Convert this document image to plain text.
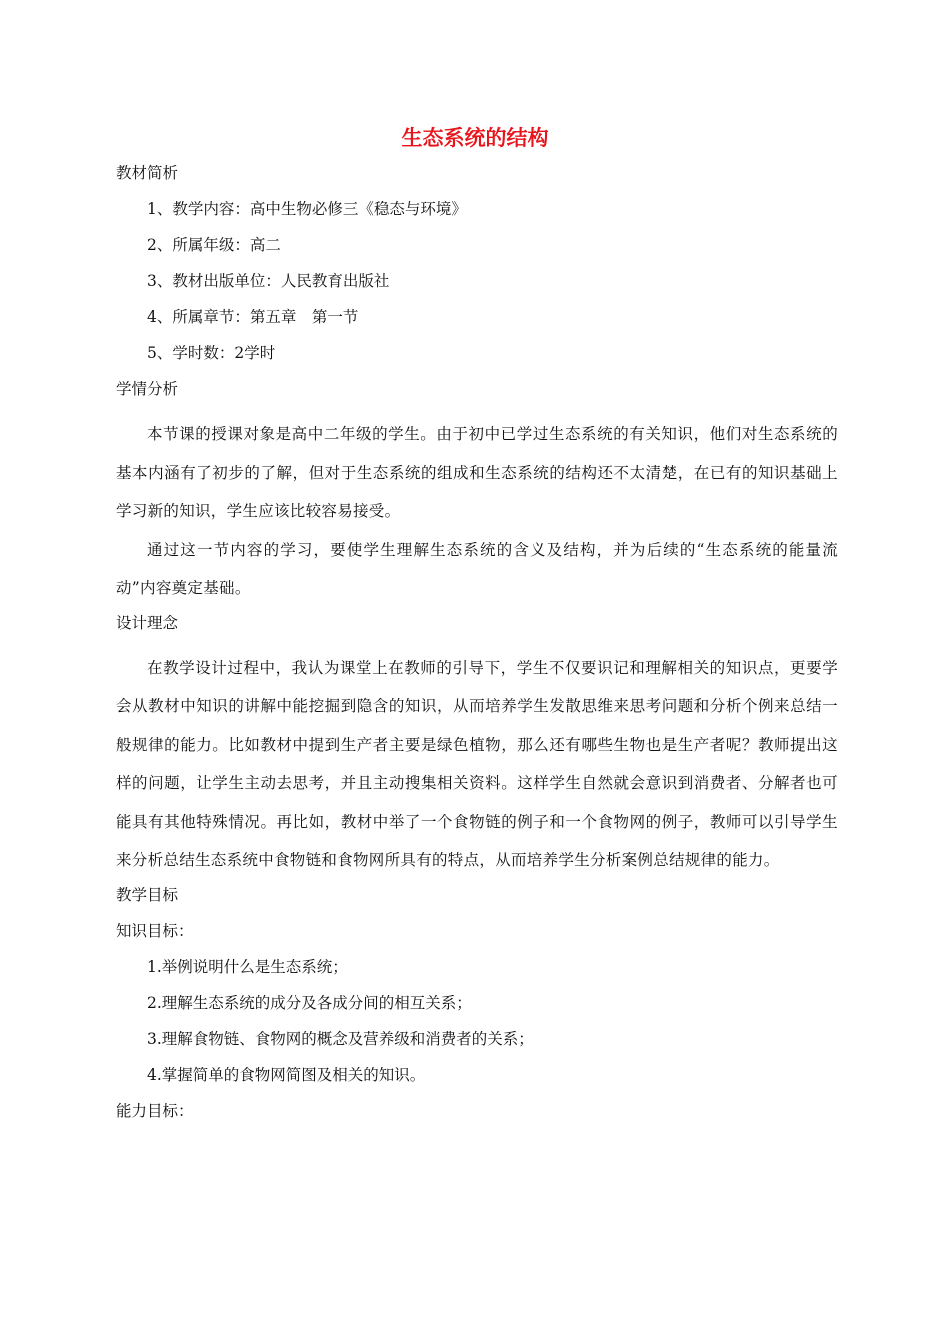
生态系统的结构

教材简析

1、教学内容：高中生物必修三《稳态与环境》

2、所属年级：高二

3、教材出版单位：人民教育出版社

4、所属章节：第五章　第一节

5、学时数：2学时

学情分析

本节课的授课对象是高中二年级的学生。由于初中已学过生态系统的有关知识，他们对生态系统的基本内涵有了初步的了解，但对于生态系统的组成和生态系统的结构还不太清楚，在已有的知识基础上学习新的知识，学生应该比较容易接受。

通过这一节内容的学习，要使学生理解生态系统的含义及结构，并为后续的“生态系统的能量流动”内容奠定基础。

设计理念

在教学设计过程中，我认为课堂上在教师的引导下，学生不仅要识记和理解相关的知识点，更要学会从教材中知识的讲解中能挖掘到隐含的知识，从而培养学生发散思维来思考问题和分析个例来总结一般规律的能力。比如教材中提到生产者主要是绿色植物，那么还有哪些生物也是生产者呢？教师提出这样的问题，让学生主动去思考，并且主动搜集相关资料。这样学生自然就会意识到消费者、分解者也可能具有其他特殊情况。再比如，教材中举了一个食物链的例子和一个食物网的例子，教师可以引导学生来分析总结生态系统中食物链和食物网所具有的特点，从而培养学生分析案例总结规律的能力。

教学目标

知识目标：

1.举例说明什么是生态系统；

2.理解生态系统的成分及各成分间的相互关系；

3.理解食物链、食物网的概念及营养级和消费者的关系；

4.掌握简单的食物网简图及相关的知识。

能力目标：
